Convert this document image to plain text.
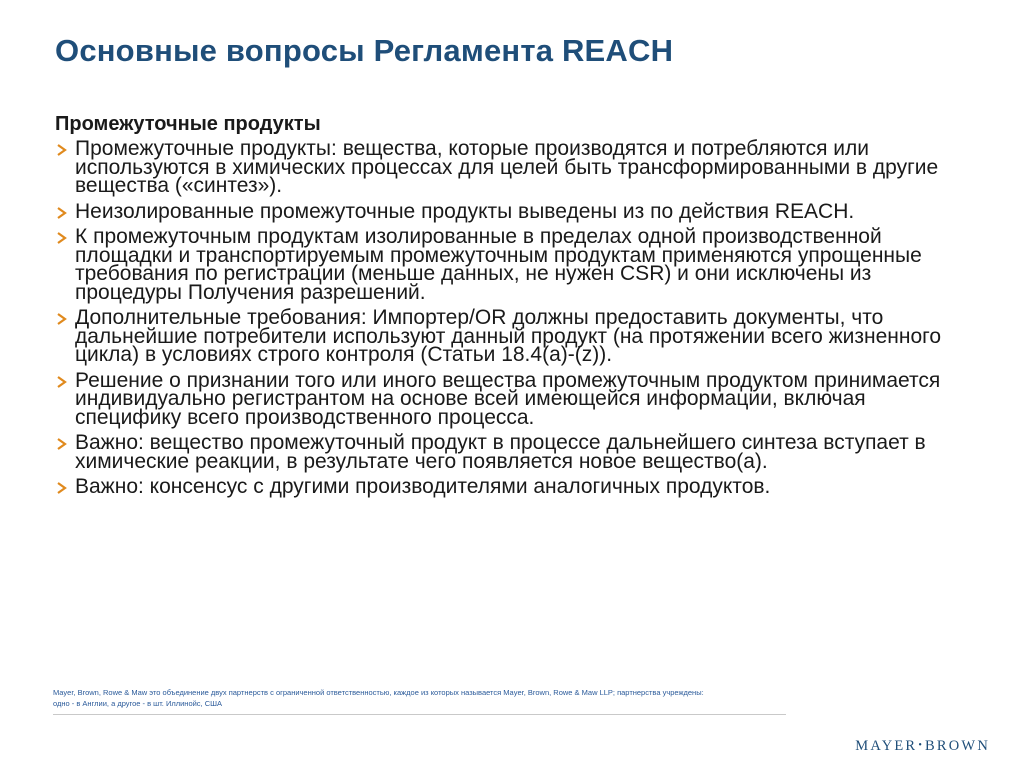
Основные вопросы Регламента REACH
Промежуточные продукты
Промежуточные продукты: вещества, которые производятся и потребляются или используются в химических процессах для целей быть трансформированными в другие вещества («синтез»).
Неизолированные промежуточные продукты выведены из по действия REACH.
К промежуточным продуктам изолированные в пределах одной производственной площадки и транспортируемым промежуточным продуктам применяются упрощенные требования по регистрации (меньше данных, не нужен CSR) и они исключены из процедуры Получения разрешений.
Дополнительные требования: Импортер/OR должны предоставить документы, что дальнейшие потребители используют данный продукт (на протяжении всего жизненного цикла) в условиях строго контроля (Статьи 18.4(a)-(z)).
Решение о признании того или иного вещества промежуточным продуктом принимается индивидуально регистрантом на основе всей имеющейся информации, включая специфику всего производственного процесса.
Важно: вещество промежуточный продукт в процессе дальнейшего синтеза вступает в химические реакции, в результате чего появляется новое вещество(а).
Важно: консенсус с другими производителями аналогичных продуктов.
Mayer, Brown, Rowe & Maw это объединение двух партнерств с ограниченной ответственностью, каждое из которых называется Mayer, Brown, Rowe & Maw LLP; партнерства учреждены:
одно - в Англии, а другое - в шт. Иллинойс, США
MAYER•BROWN
